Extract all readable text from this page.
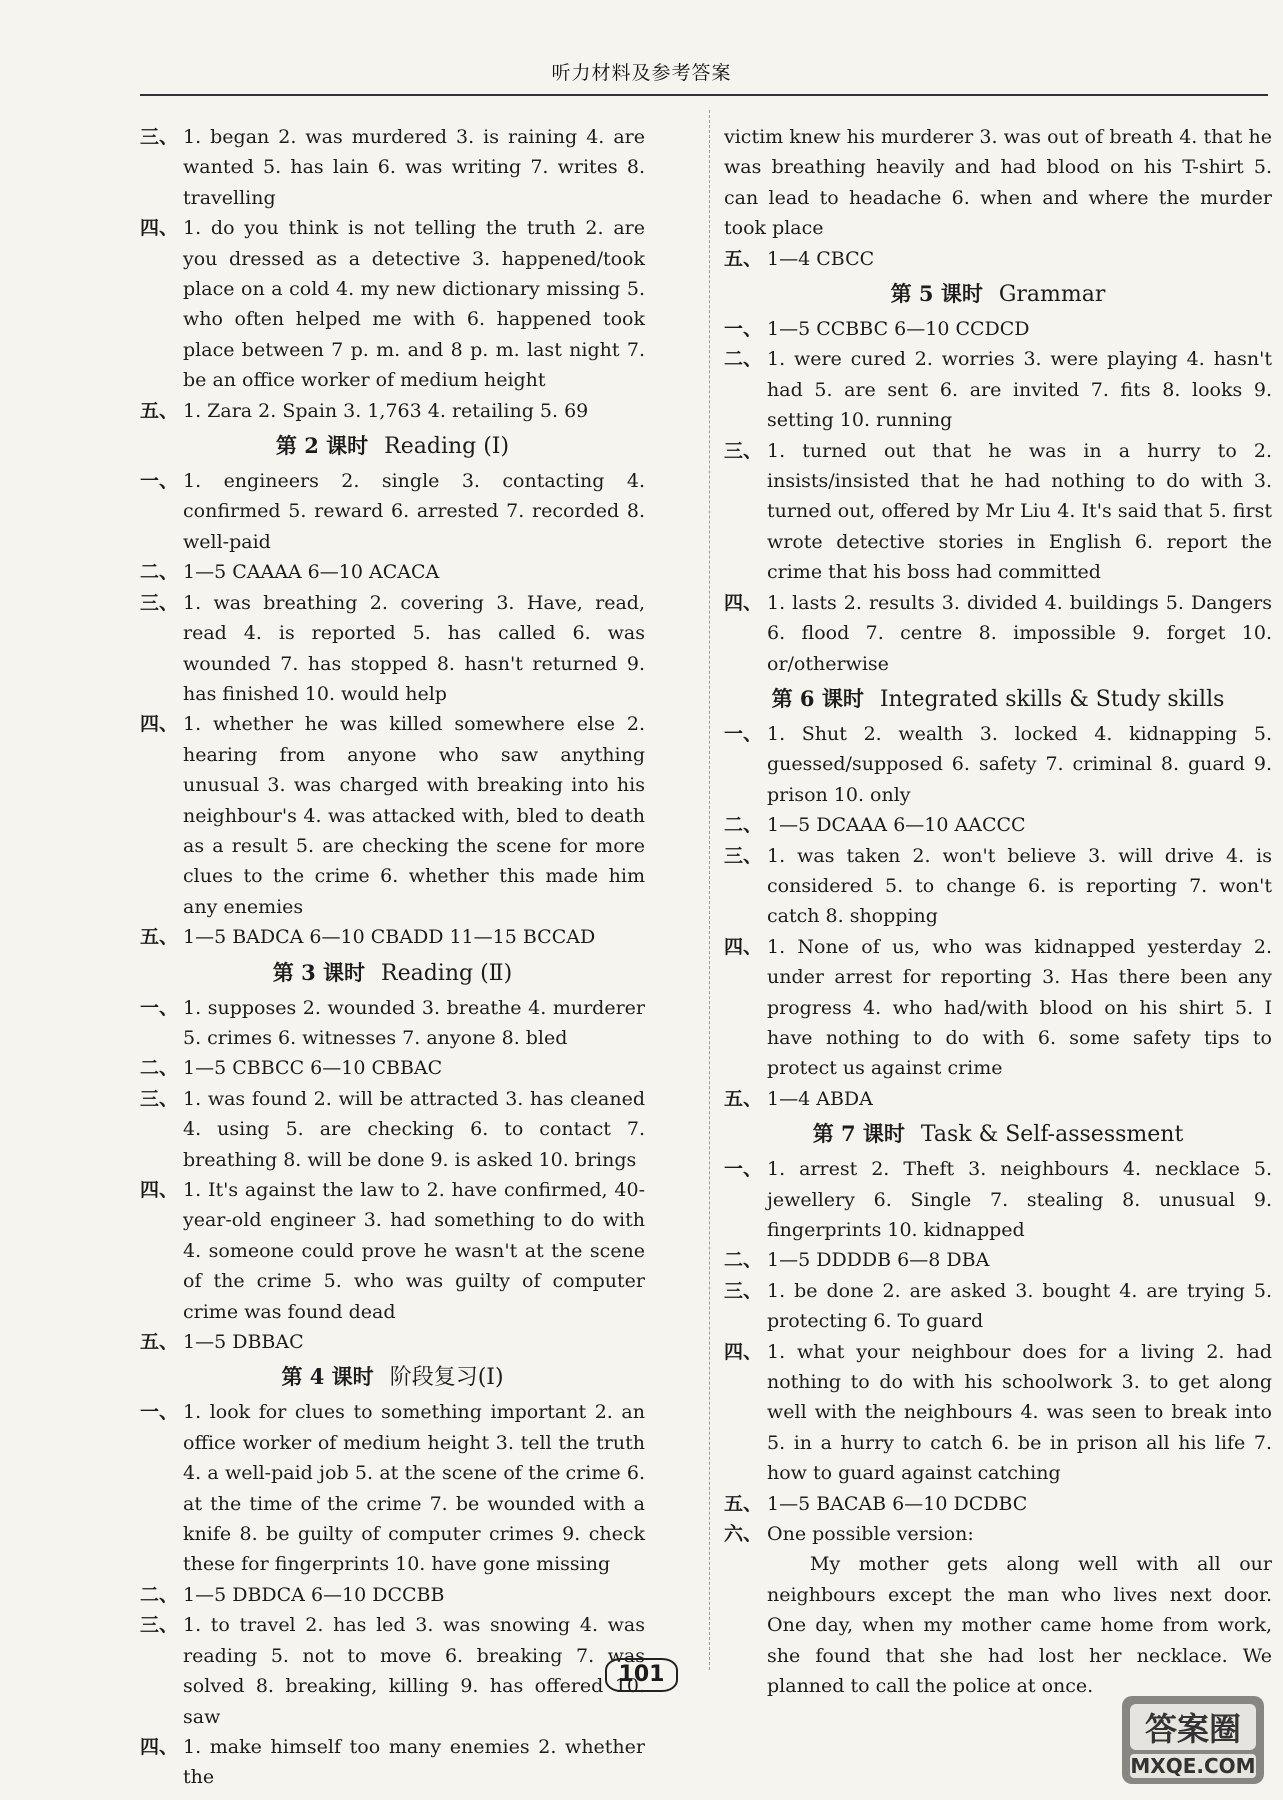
听力材料及参考答案
三、 1. began 2. was murdered 3. is raining 4. are wanted 5. has lain 6. was writing 7. writes 8. travelling
四、 1. do you think is not telling the truth 2. are you dressed as a detective 3. happened/took place on a cold 4. my new dictionary missing 5. who often helped me with 6. happened took place between 7 p. m. and 8 p. m. last night 7. be an office worker of medium height
五、 1. Zara 2. Spain 3. 1,763 4. retailing 5. 69
第 2 课时 Reading (Ⅰ)
一、 1. engineers 2. single 3. contacting 4. confirmed 5. reward 6. arrested 7. recorded 8. well-paid
二、 1—5 CAAAA 6—10 ACACA
三、 1. was breathing 2. covering 3. Have, read, read 4. is reported 5. has called 6. was wounded 7. has stopped 8. hasn't returned 9. has finished 10. would help
四、 1. whether he was killed somewhere else 2. hearing from anyone who saw anything unusual 3. was charged with breaking into his neighbour's 4. was attacked with, bled to death as a result 5. are checking the scene for more clues to the crime 6. whether this made him any enemies
五、 1—5 BADCA 6—10 CBADD 11—15 BCCAD
第 3 课时 Reading (Ⅱ)
一、 1. supposes 2. wounded 3. breathe 4. murderer 5. crimes 6. witnesses 7. anyone 8. bled
二、 1—5 CBBCC 6—10 CBBAC
三、 1. was found 2. will be attracted 3. has cleaned 4. using 5. are checking 6. to contact 7. breathing 8. will be done 9. is asked 10. brings
四、 1. It's against the law to 2. have confirmed, 40-year-old engineer 3. had something to do with 4. someone could prove he wasn't at the scene of the crime 5. who was guilty of computer crime was found dead
五、 1—5 DBBAC
第 4 课时 阶段复习(Ⅰ)
一、 1. look for clues to something important 2. an office worker of medium height 3. tell the truth 4. a well-paid job 5. at the scene of the crime 6. at the time of the crime 7. be wounded with a knife 8. be guilty of computer crimes 9. check these for fingerprints 10. have gone missing
二、 1—5 DBDCA 6—10 DCCBB
三、 1. to travel 2. has led 3. was snowing 4. was reading 5. not to move 6. breaking 7. was solved 8. breaking, killing 9. has offered 10. saw
四、 1. make himself too many enemies 2. whether the
victim knew his murderer 3. was out of breath 4. that he was breathing heavily and had blood on his T-shirt 5. can lead to headache 6. when and where the murder took place
五、 1—4 CBCC
第 5 课时 Grammar
一、 1—5 CCBBC 6—10 CCDCD
二、 1. were cured 2. worries 3. were playing 4. hasn't had 5. are sent 6. are invited 7. fits 8. looks 9. setting 10. running
三、 1. turned out that he was in a hurry to 2. insists/insisted that he had nothing to do with 3. turned out, offered by Mr Liu 4. It's said that 5. first wrote detective stories in English 6. report the crime that his boss had committed
四、 1. lasts 2. results 3. divided 4. buildings 5. Dangers 6. flood 7. centre 8. impossible 9. forget 10. or/otherwise
第 6 课时 Integrated skills & Study skills
一、 1. Shut 2. wealth 3. locked 4. kidnapping 5. guessed/supposed 6. safety 7. criminal 8. guard 9. prison 10. only
二、 1—5 DCAAA 6—10 AACCC
三、 1. was taken 2. won't believe 3. will drive 4. is considered 5. to change 6. is reporting 7. won't catch 8. shopping
四、 1. None of us, who was kidnapped yesterday 2. under arrest for reporting 3. Has there been any progress 4. who had/with blood on his shirt 5. I have nothing to do with 6. some safety tips to protect us against crime
五、 1—4 ABDA
第 7 课时 Task & Self-assessment
一、 1. arrest 2. Theft 3. neighbours 4. necklace 5. jewellery 6. Single 7. stealing 8. unusual 9. fingerprints 10. kidnapped
二、 1—5 DDDDB 6—8 DBA
三、 1. be done 2. are asked 3. bought 4. are trying 5. protecting 6. To guard
四、 1. what your neighbour does for a living 2. had nothing to do with his schoolwork 3. to get along well with the neighbours 4. was seen to break into 5. in a hurry to catch 6. be in prison all his life 7. how to guard against catching
五、 1—5 BACAB 6—10 DCDBC
六、 One possible version:
My mother gets along well with all our neighbours except the man who lives next door. One day, when my mother came home from work, she found that she had lost her necklace. We planned to call the police at once.
101
答案圈
MXQE.COM
